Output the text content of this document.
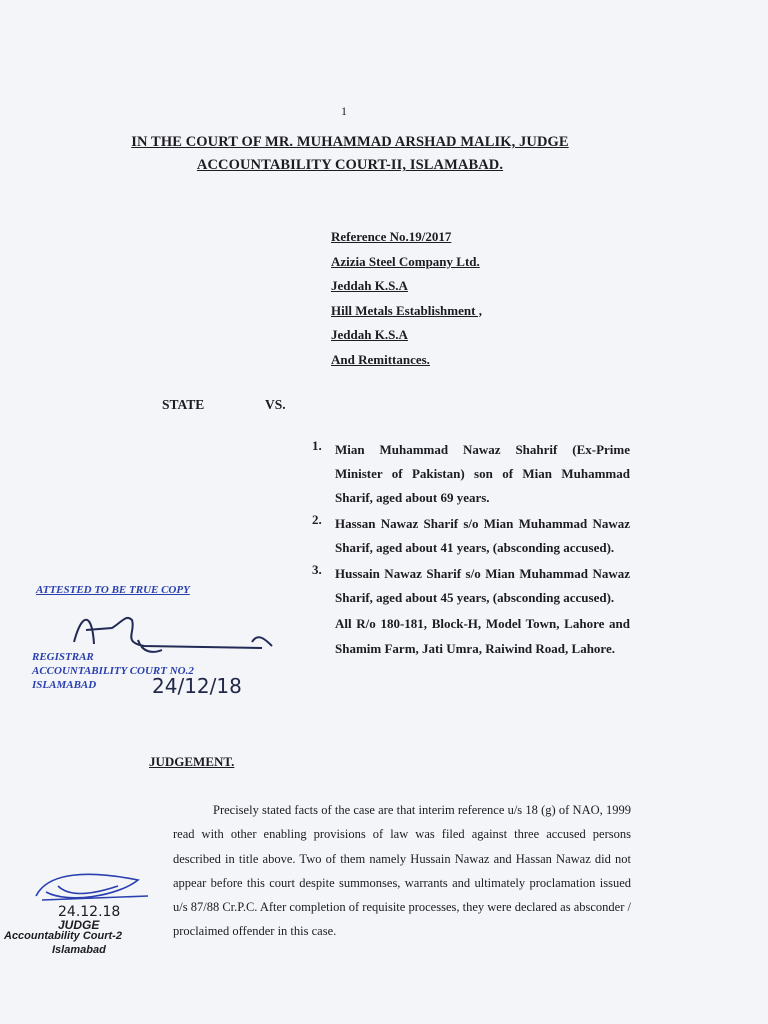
1
IN THE COURT OF MR. MUHAMMAD ARSHAD MALIK, JUDGE
ACCOUNTABILITY COURT-II, ISLAMABAD.
Reference No.19/2017
Azizia Steel Company Ltd.
Jeddah K.S.A
Hill Metals Establishment ,
Jeddah K.S.A
And Remittances.
STATE	VS.
1.	Mian Muhammad Nawaz Shahrif (Ex-Prime Minister of Pakistan) son of Mian Muhammad Sharif, aged about 69 years.
2.	Hassan Nawaz Sharif s/o Mian Muhammad Nawaz Sharif, aged about 41 years, (absconding accused).
3.	Hussain Nawaz Sharif s/o Mian Muhammad Nawaz Sharif, aged about 45 years, (absconding accused).
All R/o 180-181, Block-H, Model Town, Lahore and Shamim Farm, Jati Umra, Raiwind Road, Lahore.
ATTESTED TO BE TRUE COPY
REGISTRAR
ACCOUNTABILITY COURT NO.2
ISLAMABAD	24/12/18
JUDGEMENT.
Precisely stated facts of the case are that interim reference u/s 18 (g) of NAO, 1999 read with other enabling provisions of law was filed against three accused persons described in title above. Two of them namely Hussain Nawaz and Hassan Nawaz did not appear before this court despite summonses, warrants and ultimately proclamation issued u/s 87/88 Cr.P.C. After completion of requisite processes, they were declared as absconder / proclaimed offender in this case.
24.12.18
JUDGE
Accountability Court-2
Islamabad
